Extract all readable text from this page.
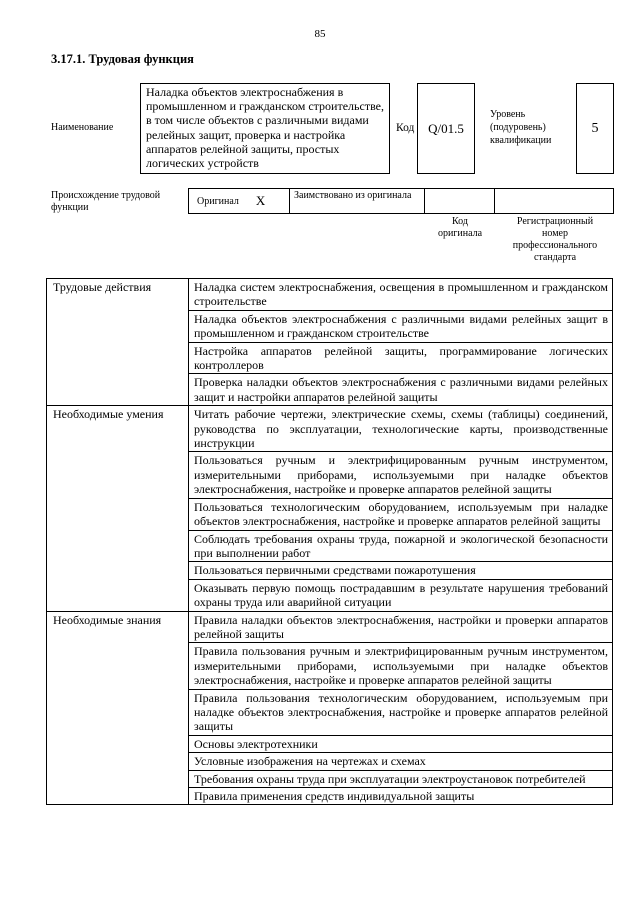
85
3.17.1. Трудовая функция
Наименование
Наладка объектов электроснабжения в промышленном и гражданском строительстве, в том числе объектов с различными видами релейных защит, проверка и настройка аппаратов релейной защиты, простых логических устройств
Код	Q/01.5
Уровень
(подуровень)
квалификации
5
Происхождение трудовой функции
Оригинал X	Заимствовано из оригинала
Код
оригинала
Регистрационный
номер
профессионального
стандарта
Трудовые действия	Наладка систем электроснабжения, освещения в промышленном и гражданском строительстве
	Наладка объектов электроснабжения с различными видами релейных защит в промышленном и гражданском строительстве
	Настройка аппаратов релейной защиты, программирование логических контроллеров
	Проверка наладки объектов электроснабжения с различными видами релейных защит и настройки аппаратов релейной защиты
Необходимые умения	Читать рабочие чертежи, электрические схемы, схемы (таблицы) соединений, руководства по эксплуатации, технологические карты, производственные инструкции
	Пользоваться ручным и электрифицированным ручным инструментом, измерительными приборами, используемыми при наладке объектов электроснабжения, настройке и проверке аппаратов релейной защиты
	Пользоваться технологическим оборудованием, используемым при наладке объектов электроснабжения, настройке и проверке аппаратов релейной защиты
	Соблюдать требования охраны труда, пожарной и экологической безопасности при выполнении работ
	Пользоваться первичными средствами пожаротушения
	Оказывать первую помощь пострадавшим в результате нарушения требований охраны труда или аварийной ситуации
Необходимые знания	Правила наладки объектов электроснабжения, настройки и проверки аппаратов релейной защиты
	Правила пользования ручным и электрифицированным ручным инструментом, измерительными приборами, используемыми при наладке объектов электроснабжения, настройке и проверке аппаратов релейной защиты
	Правила пользования технологическим оборудованием, используемым при наладке объектов электроснабжения, настройке и проверке аппаратов релейной защиты
	Основы электротехники
	Условные изображения на чертежах и схемах
	Требования охраны труда при эксплуатации электроустановок потребителей
	Правила применения средств индивидуальной защиты
